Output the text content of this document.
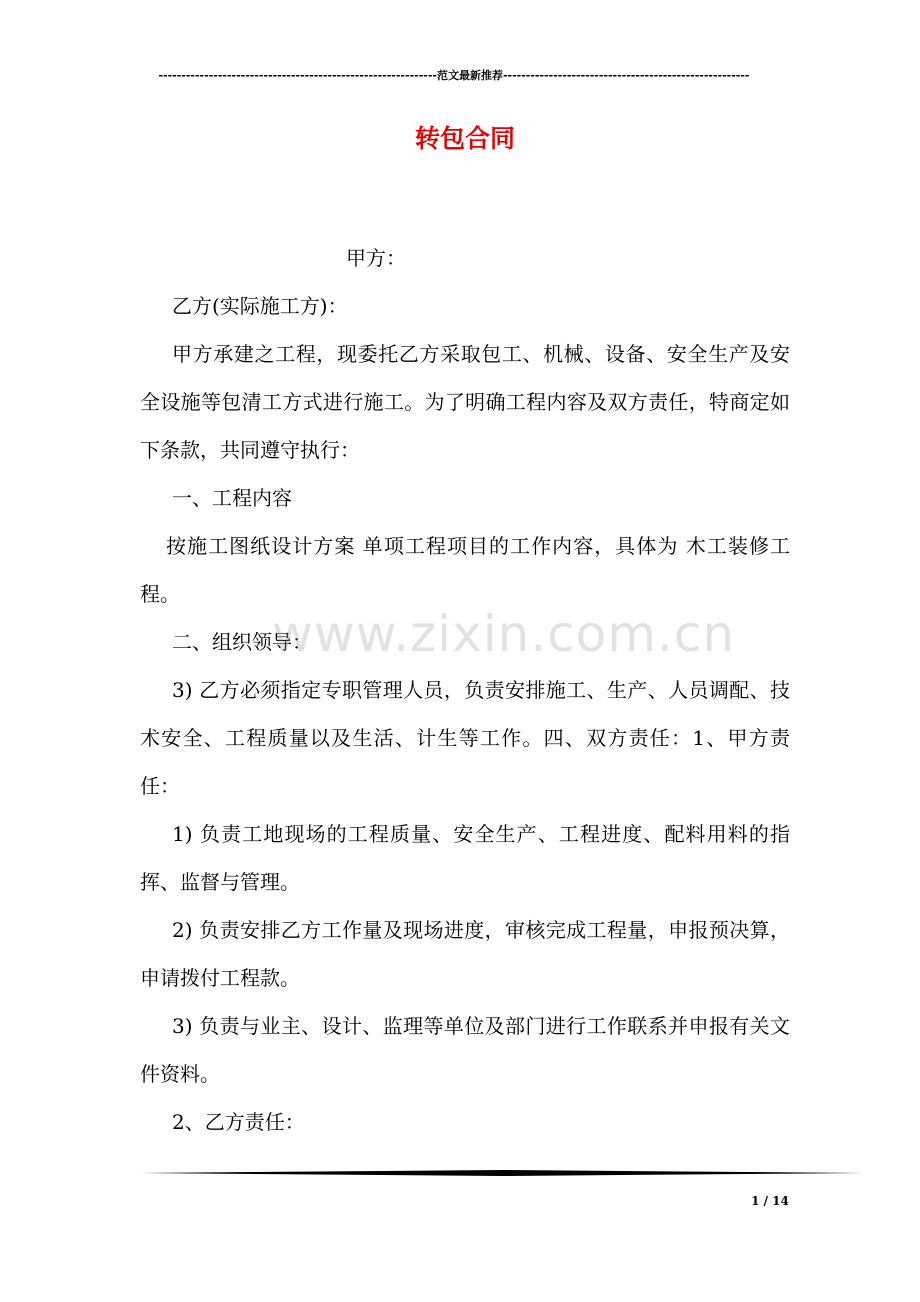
-------------------------------------------------------------范文最新推荐------------------------------------------------------
转包合同

甲方：

乙方(实际施工方)：

甲方承建之工程，现委托乙方采取包工、机械、设备、安全生产及安全设施等包清工方式进行施工。为了明确工程内容及双方责任，特商定如下条款，共同遵守执行：

一、工程内容

按施工图纸设计方案 单项工程项目的工作内容，具体为 木工装修工程。

二、组织领导：

3) 乙方必须指定专职管理人员，负责安排施工、生产、人员调配、技术安全、工程质量以及生活、计生等工作。四、双方责任：1、甲方责任：

1) 负责工地现场的工程质量、安全生产、工程进度、配料用料的指挥、监督与管理。

2) 负责安排乙方工作量及现场进度，审核完成工程量，申报预决算，申请拨付工程款。

3) 负责与业主、设计、监理等单位及部门进行工作联系并申报有关文件资料。

2、乙方责任：

www.zixin.com.cn
1 / 14
